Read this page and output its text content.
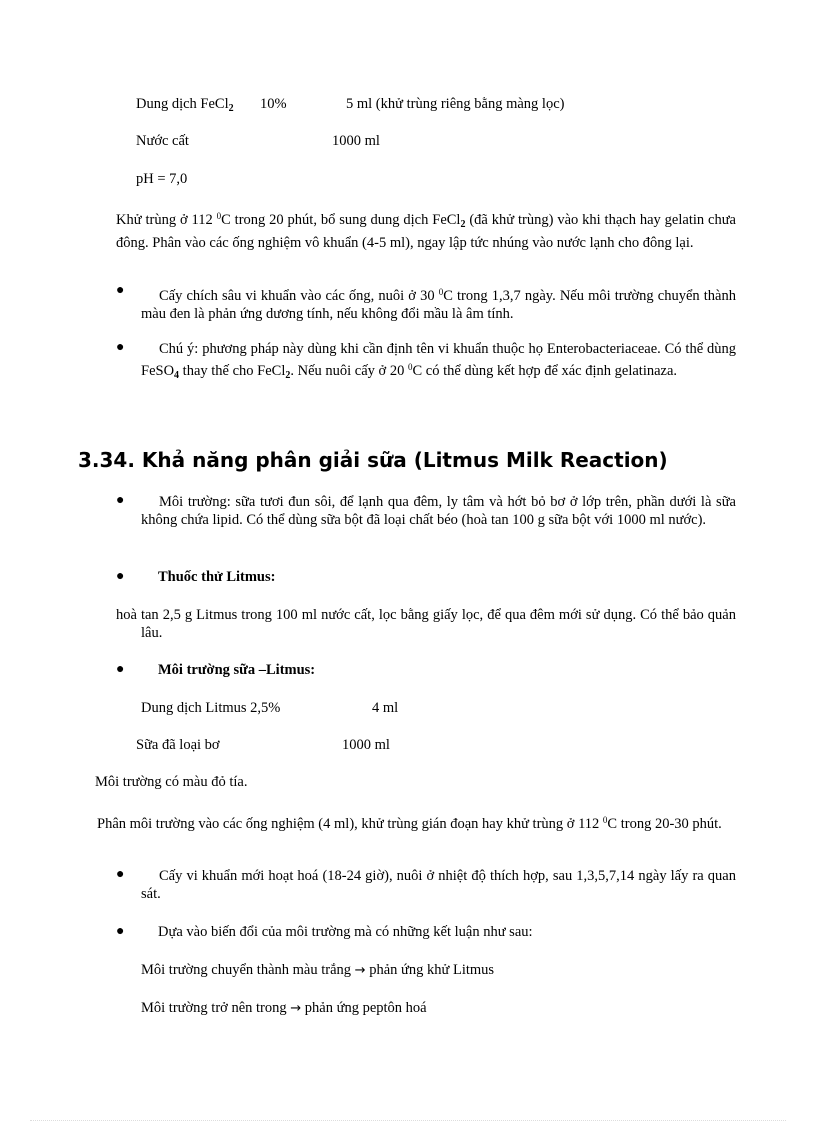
Dung dịch FeCl$_2$ 10%	5 ml (khử trùng riêng bằng màng lọc)
Nước cất	1000 ml
pH = 7,0
Khử trùng ở 112 $^0$C trong 20 phút, bổ sung dung dịch FeCl$_2$ (đã khử trùng) vào khi thạch hay gelatin chưa đông. Phân vào các ống nghiệm vô khuẩn (4-5 ml), ngay lập tức nhúng vào nước lạnh cho đông lại.
●	Cấy chích sâu vi khuẩn vào các ống, nuôi ở 30 $^0$C trong 1,3,7 ngày. Nếu môi trường chuyển thành màu đen là phản ứng dương tính, nếu không đổi mầu là âm tính.
●	Chú ý: phương pháp này dùng khi cần định tên vi khuẩn thuộc họ Enterobacteriaceae. Có thể dùng FeSO$_4$ thay thế cho FeCl$_2$. Nếu nuôi cấy ở 20 $^0$C có thể dùng kết hợp để xác định gelatinaza.
3.34. Khả năng phân giải sữa (Litmus Milk Reaction)
●	Môi trường: sữa tươi đun sôi, để lạnh qua đêm, ly tâm và hớt bỏ bơ ở lớp trên, phần dưới là sữa không chứa lipid. Có thể dùng sữa bột đã loại chất béo (hoà tan 100 g sữa bột với 1000 ml nước).
● Thuốc thử Litmus:
hoà tan 2,5 g Litmus trong 100 ml nước cất, lọc bằng giấy lọc, để qua đêm mới sử dụng. Có thể bảo quản lâu.
● Môi trường sữa –Litmus:
Dung dịch Litmus 2,5%	4 ml
Sữa đã loại bơ	1000 ml
Môi trường có màu đỏ tía.
Phân môi trường vào các ống nghiệm (4 ml), khử trùng gián đoạn hay khử trùng ở 112 $^0$C trong 20-30 phút.
●	Cấy vi khuẩn mới hoạt hoá (18-24 giờ), nuôi ở nhiệt độ thích hợp, sau 1,3,5,7,14 ngày lấy ra quan sát.
● Dựa vào biến đổi của môi trường mà có những kết luận như sau:
Môi trường chuyển thành màu trắng → phản ứng khử Litmus
Môi trường trở nên trong → phản ứng peptôn hoá
